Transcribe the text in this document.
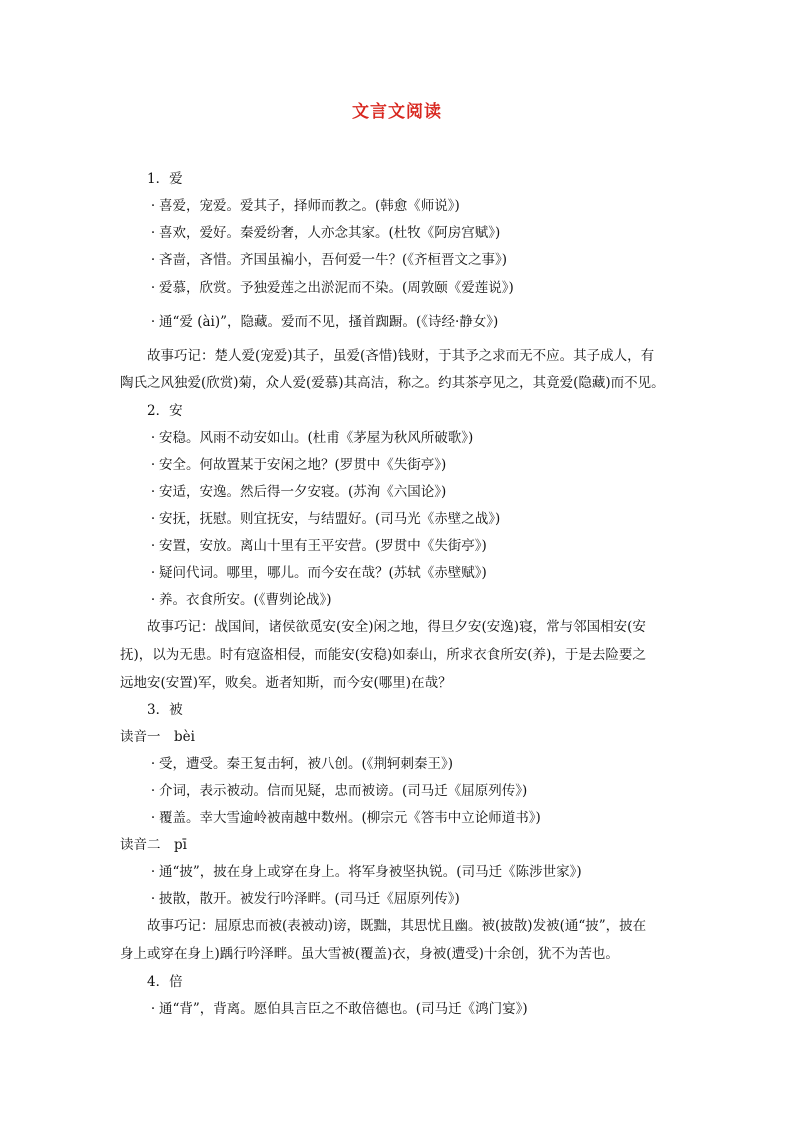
文言文阅读
1．爱
· 喜爱，宠爱。爱其子，择师而教之。(韩愈《师说》)
· 喜欢，爱好。秦爱纷奢，人亦念其家。(杜牧《阿房宫赋》)
· 吝啬，吝惜。齐国虽褊小，吾何爱一牛？(《齐桓晋文之事》)
· 爱慕，欣赏。予独爱莲之出淤泥而不染。(周敦颐《爱莲说》)
· 通“爱 (ài)”，隐藏。爱而不见，搔首踟蹰。(《诗经·静女》)
故事巧记：楚人爱(宠爱)其子，虽爱(吝惜)钱财，于其予之求而无不应。其子成人，有
陶氏之风独爱(欣赏)菊，众人爱(爱慕)其高洁，称之。约其茶亭见之，其竟爱(隐藏)而不见。
2．安
· 安稳。风雨不动安如山。(杜甫《茅屋为秋风所破歌》)
· 安全。何故置某于安闲之地？(罗贯中《失街亭》)
· 安适，安逸。然后得一夕安寝。(苏洵《六国论》)
· 安抚，抚慰。则宜抚安，与结盟好。(司马光《赤壁之战》)
· 安置，安放。离山十里有王平安营。(罗贯中《失街亭》)
· 疑问代词。哪里，哪儿。而今安在哉？(苏轼《赤壁赋》)
· 养。衣食所安。(《曹刿论战》)
故事巧记：战国间，诸侯欲觅安(安全)闲之地，得旦夕安(安逸)寝，常与邻国相安(安
抚)，以为无患。时有寇盗相侵，而能安(安稳)如泰山，所求衣食所安(养)，于是去险要之
远地安(安置)军，败矣。逝者知斯，而今安(哪里)在哉？
3．被
读音一　bèi
· 受，遭受。秦王复击轲，被八创。(《荆轲刺秦王》)
· 介词，表示被动。信而见疑，忠而被谤。(司马迁《屈原列传》)
· 覆盖。幸大雪逾岭被南越中数州。(柳宗元《答韦中立论师道书》)
读音二　pī
· 通“披”，披在身上或穿在身上。将军身被坚执锐。(司马迁《陈涉世家》)
· 披散，散开。被发行吟泽畔。(司马迁《屈原列传》)
故事巧记：屈原忠而被(表被动)谤，既黜，其思忧且幽。被(披散)发被(通“披”，披在
身上或穿在身上)踽行吟泽畔。虽大雪被(覆盖)衣，身被(遭受)十余创，犹不为苦也。
4．倍
· 通“背”，背离。愿伯具言臣之不敢倍德也。(司马迁《鸿门宴》)
